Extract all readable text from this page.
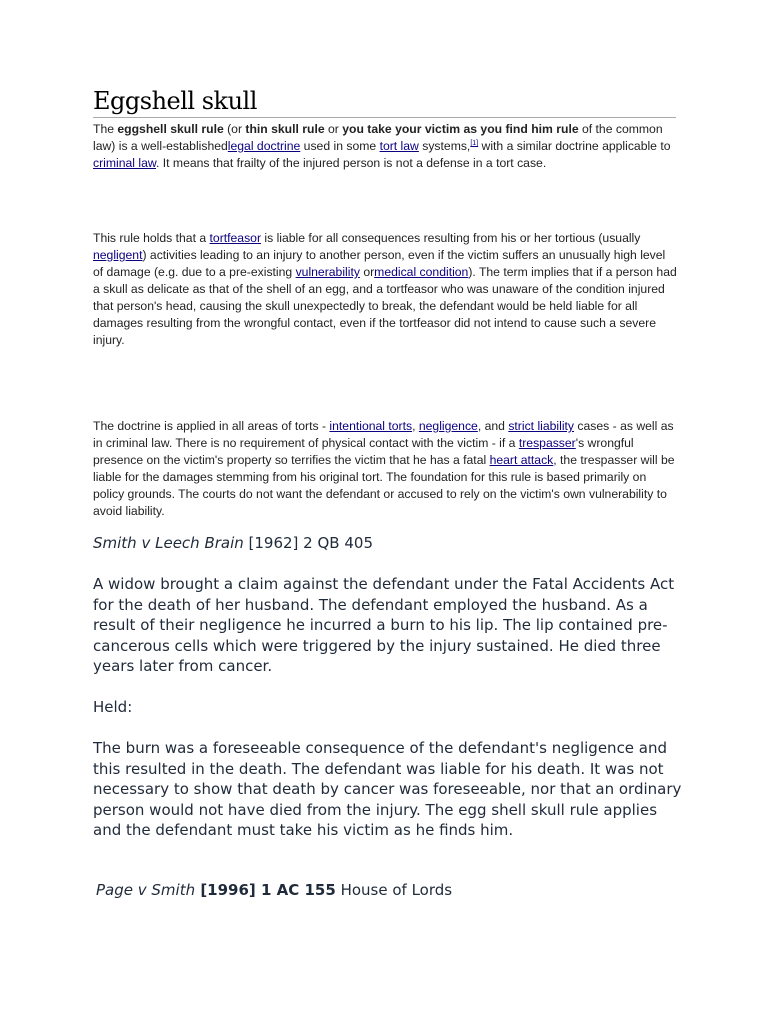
Eggshell skull

The eggshell skull rule (or thin skull rule or you take your victim as you find him rule of the common law) is a well-establishedlegal doctrine used in some tort law systems,[1] with a similar doctrine applicable to criminal law. It means that frailty of the injured person is not a defense in a tort case.

This rule holds that a tortfeasor is liable for all consequences resulting from his or her tortious (usually negligent) activities leading to an injury to another person, even if the victim suffers an unusually high level of damage (e.g. due to a pre-existing vulnerability ormedical condition). The term implies that if a person had a skull as delicate as that of the shell of an egg, and a tortfeasor who was unaware of the condition injured that person's head, causing the skull unexpectedly to break, the defendant would be held liable for all damages resulting from the wrongful contact, even if the tortfeasor did not intend to cause such a severe injury.

The doctrine is applied in all areas of torts - intentional torts, negligence, and strict liability cases - as well as in criminal law. There is no requirement of physical contact with the victim - if a trespasser's wrongful presence on the victim's property so terrifies the victim that he has a fatal heart attack, the trespasser will be liable for the damages stemming from his original tort. The foundation for this rule is based primarily on policy grounds. The courts do not want the defendant or accused to rely on the victim's own vulnerability to avoid liability.

Smith v Leech Brain [1962] 2 QB 405

A widow brought a claim against the defendant under the Fatal Accidents Act for the death of her husband. The defendant employed the husband. As a result of their negligence he incurred a burn to his lip. The lip contained pre-cancerous cells which were triggered by the injury sustained. He died three years later from cancer.

Held:

The burn was a foreseeable consequence of the defendant's negligence and this resulted in the death. The defendant was liable for his death. It was not necessary to show that death by cancer was foreseeable, nor that an ordinary person would not have died from the injury. The egg shell skull rule applies and the defendant must take his victim as he finds him.

Page v Smith [1996] 1 AC 155 House of Lords
